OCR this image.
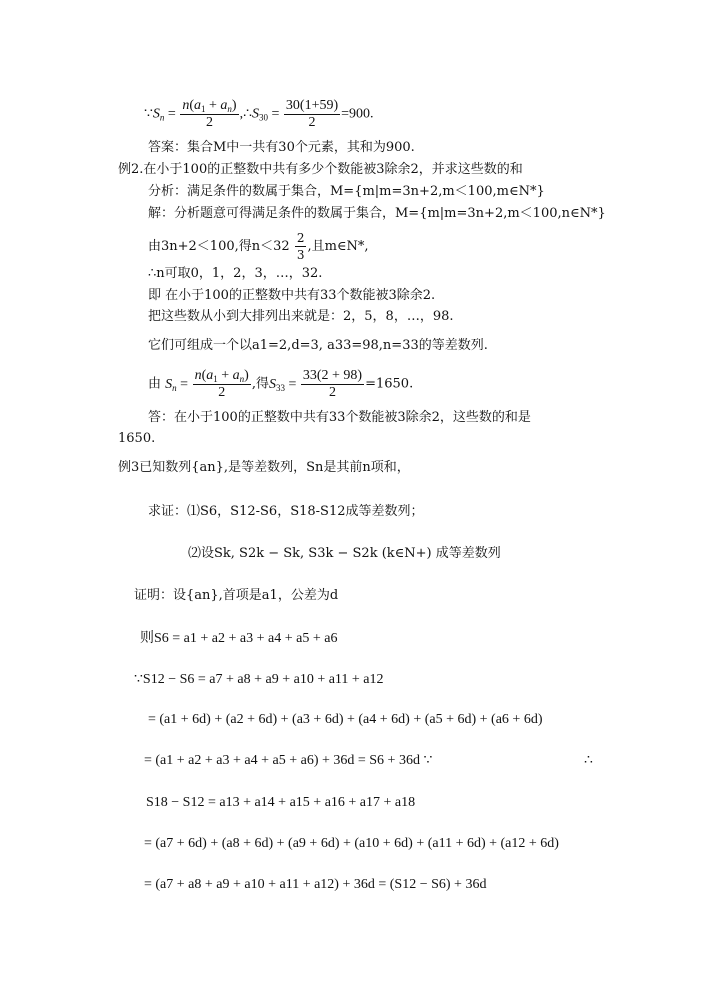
$\because S_n = \frac{n(a_1 + a_n)}{2}$ $,\therefore S_{30} = \frac{30(1+59)}{2} =900$.
答案：集合M中一共有30个元素，其和为900.
例2.在小于100的正整数中共有多少个数能被3除余2，并求这些数的和
分析：满足条件的数属于集合，M={m|m=3n+2,m＜100,m∈N*}
解：分析题意可得满足条件的数属于集合，M={m|m=3n+2,m＜100,n∈N*}
由3n+2＜100,得$n<32 \frac{2}{3}$ ,且m∈N*,
∴n可取0，1，2，3，…，32.
即 在小于100的正整数中共有33个数能被3除余2.
把这些数从小到大排列出来就是：2，5，8，…，98.
它们可组成一个以a1=2,d=3, a33=98,n=33的等差数列.
由 $S_n = \frac{n(a_1 + a_n)}{2}$ ,得$S_{33} = \frac{33(2 + 98)}{2} =1650$.
答：在小于100的正整数中共有33个数能被3除余2，这些数的和是
1650.
例3已知数列{an},是等差数列，Sn是其前n项和，
求证：⑴S6，S12-S6，S18-S12成等差数列；
⑵设Sk, S2k − Sk, S3k − S2k (k∈N+) 成等差数列
证明：设{an},首项是a1，公差为d
则S6 = a1 + a2 + a3 + a4 + a5 + a6
∵S12 − S6 = a7 + a8 + a9 + a10 + a11 + a12
= (a1 + 6d) + (a2 + 6d) + (a3 + 6d) + (a4 + 6d) + (a5 + 6d) + (a6 + 6d)
= (a1 + a2 + a3 + a4 + a5 + a6) + 36d = S6 + 36d ∵	∴
S18 − S12 = a13 + a14 + a15 + a16 + a17 + a18
= (a7 + 6d) + (a8 + 6d) + (a9 + 6d) + (a10 + 6d) + (a11 + 6d) + (a12 + 6d)
= (a7 + a8 + a9 + a10 + a11 + a12) + 36d = (S12 − S6) + 36d
